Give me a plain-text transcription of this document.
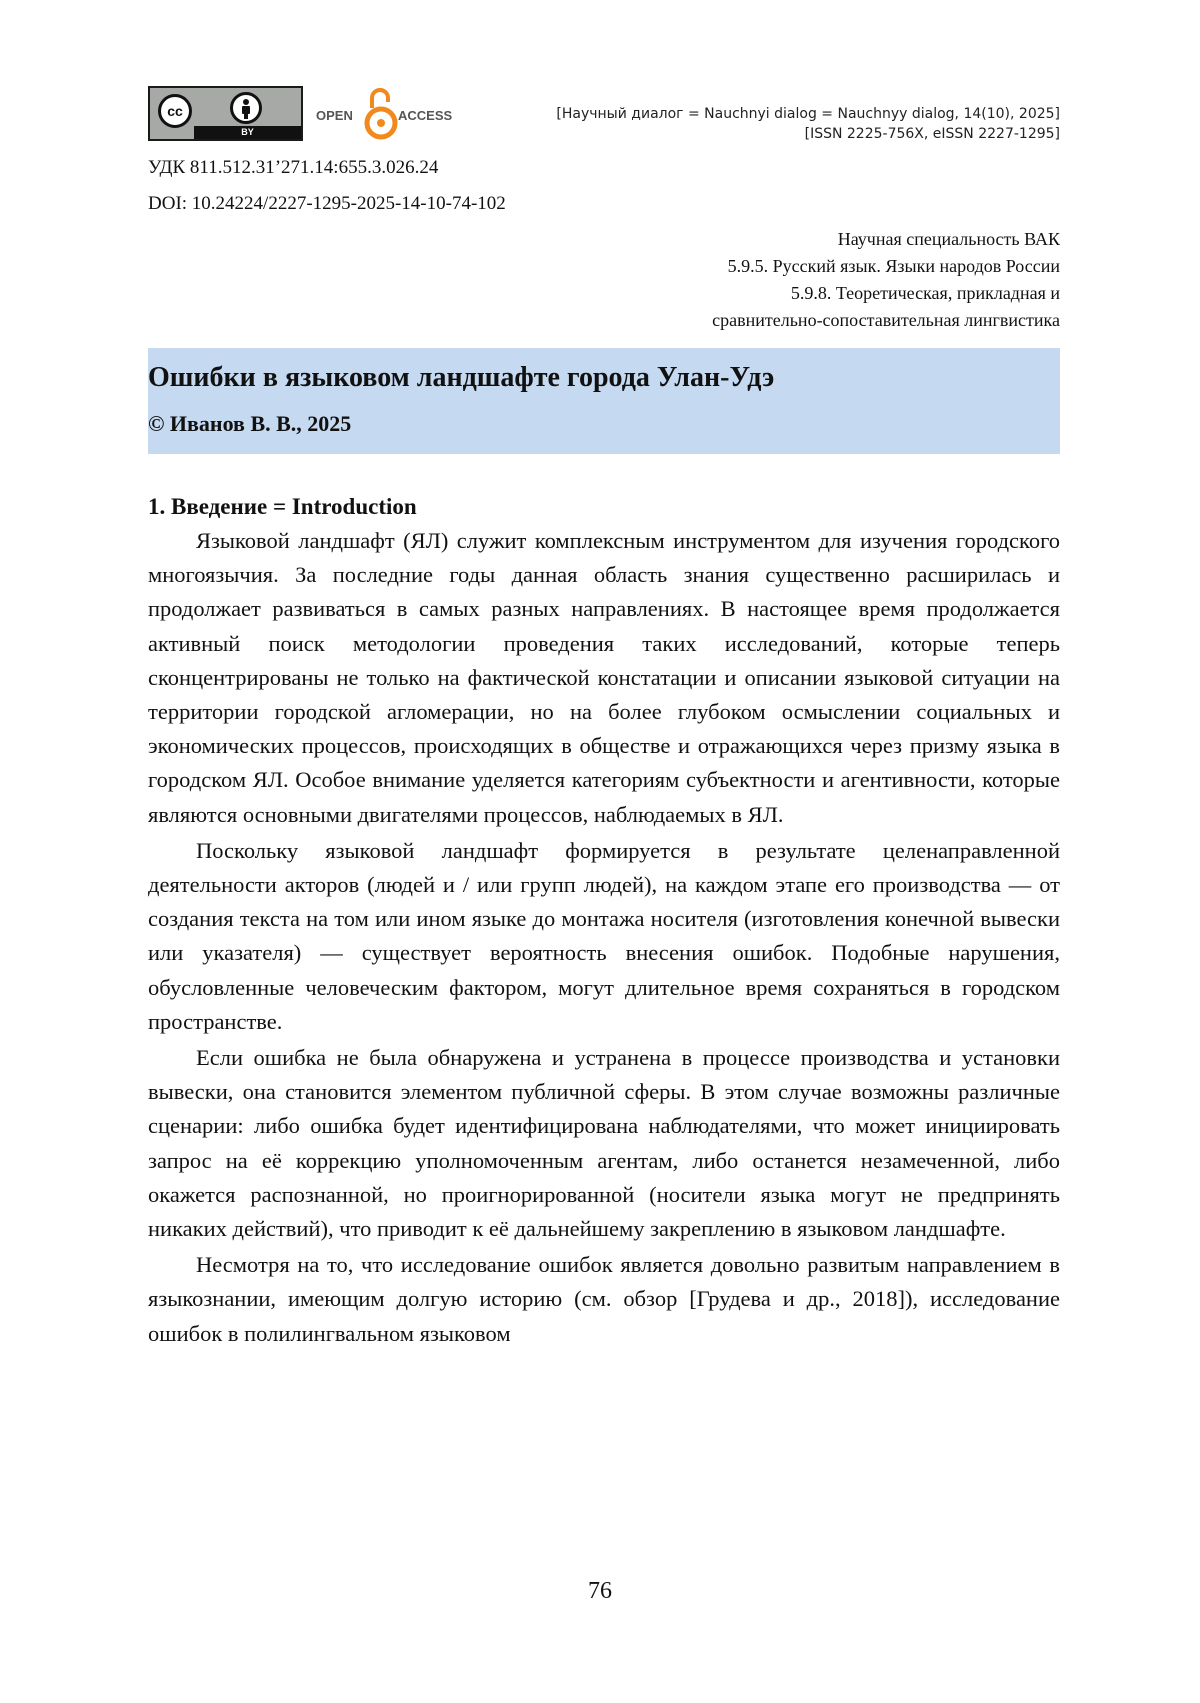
cc
BY
OPEN	ACCESS	[Научный диалог = Nauchnyi dialog = Nauchnyy dialog, 14(10), 2025]
[ISSN 2225-756X, eISSN 2227-1295]
УДК 811.512.31’271.14:655.3.026.24
DOI: 10.24224/2227-1295-2025-14-10-74-102
Научная специальность ВАК
5.9.5. Русский язык. Языки народов России
5.9.8. Теоретическая, прикладная и
сравнительно-сопоставительная лингвистика
Ошибки в языковом ландшафте города Улан-Удэ
© Иванов В. В., 2025
1. Введение = Introduction

Языковой ландшафт (ЯЛ) служит комплексным инструментом для изучения городского многоязычия. За последние годы данная область знания существенно расширилась и продолжает развиваться в самых разных направлениях. В настоящее время продолжается активный поиск методологии проведения таких исследований, которые теперь сконцентрированы не только на фактической констатации и описании языковой ситуации на территории городской агломерации, но на более глубоком осмыслении социальных и экономических процессов, происходящих в обществе и отражающихся через призму языка в городском ЯЛ. Особое внимание уделяется категориям субъектности и агентивности, которые являются основными двигателями процессов, наблюдаемых в ЯЛ.

Поскольку языковой ландшафт формируется в результате целенаправленной деятельности акторов (людей и / или групп людей), на каждом этапе его производства — от создания текста на том или ином языке до монтажа носителя (изготовления конечной вывески или указателя) — существует вероятность внесения ошибок. Подобные нарушения, обусловленные человеческим фактором, могут длительное время сохраняться в городском пространстве.

Если ошибка не была обнаружена и устранена в процессе производства и установки вывески, она становится элементом публичной сферы. В этом случае возможны различные сценарии: либо ошибка будет идентифицирована наблюдателями, что может инициировать запрос на её коррекцию уполномоченным агентам, либо останется незамеченной, либо окажется распознанной, но проигнорированной (носители языка могут не предпринять никаких действий), что приводит к её дальнейшему закреплению в языковом ландшафте.

Несмотря на то, что исследование ошибок является довольно развитым направлением в языкознании, имеющим долгую историю (см. обзор [Грудева и др., 2018]), исследование ошибок в полилингвальном языковом

76
